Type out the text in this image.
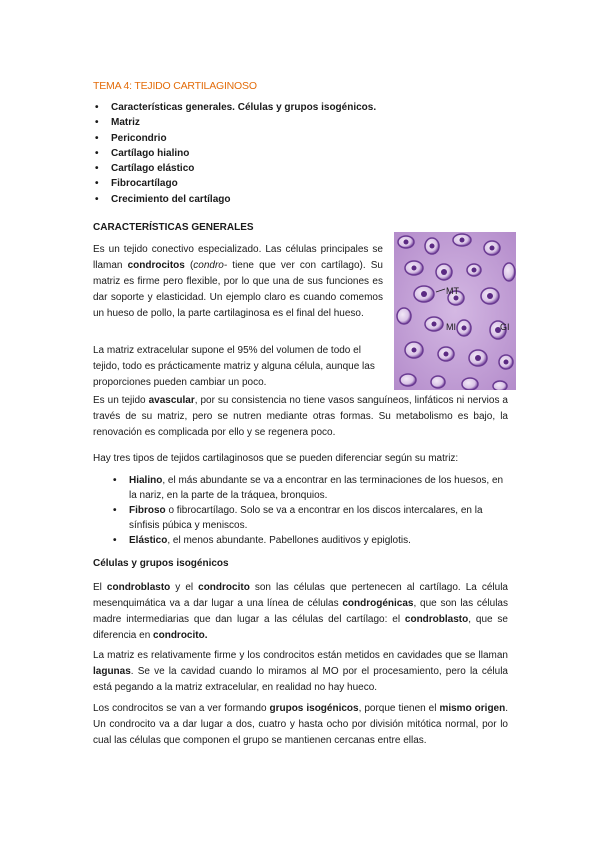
TEMA 4: TEJIDO CARTILAGINOSO
• Características generales. Células y grupos isogénicos.
• Matriz
• Pericondrio
• Cartílago hialino
• Cartílago elástico
• Fibrocartílago
• Crecimiento del cartílago
CARACTERÍSTICAS GENERALES

Es un tejido conectivo especializado. Las células principales se llaman condrocitos (condro- tiene que ver con cartílago). Su matriz es firme pero flexible, por lo que una de sus funciones es dar soporte y elasticidad. Un ejemplo claro es cuando comemos un hueso de pollo, la parte cartilaginosa es el final del hueso.

La matriz extracelular supone el 95% del volumen de todo el tejido, todo es prácticamente matriz y alguna célula, aunque las proporciones pueden cambiar un poco.

MT
MI	GI

Es un tejido avascular, por su consistencia no tiene vasos sanguíneos, linfáticos ni nervios a través de su matriz, pero se nutren mediante otras formas. Su metabolismo es bajo, la renovación es complicada por ello y se regenera poco.

Hay tres tipos de tejidos cartilaginosos que se pueden diferenciar según su matriz:

• Hialino, el más abundante se va a encontrar en las terminaciones de los huesos, en la nariz, en la parte de la tráquea, bronquios.
• Fibroso o fibrocartílago. Solo se va a encontrar en los discos intercalares, en la sínfisis púbica y meniscos.
• Elástico, el menos abundante. Pabellones auditivos y epiglotis.
Células y grupos isogénicos

El condroblasto y el condrocito son las células que pertenecen al cartílago. La célula mesenquimática va a dar lugar a una línea de células condrogénicas, que son las células madre intermediarias que dan lugar a las células del cartílago: el condroblasto, que se diferencia en condrocito.

La matriz es relativamente firme y los condrocitos están metidos en cavidades que se llaman lagunas. Se ve la cavidad cuando lo miramos al MO por el procesamiento, pero la célula está pegando a la matriz extracelular, en realidad no hay hueco.

Los condrocitos se van a ver formando grupos isogénicos, porque tienen el mismo origen. Un condrocito va a dar lugar a dos, cuatro y hasta ocho por división mitótica normal, por lo cual las células que componen el grupo se mantienen cercanas entre ellas.
